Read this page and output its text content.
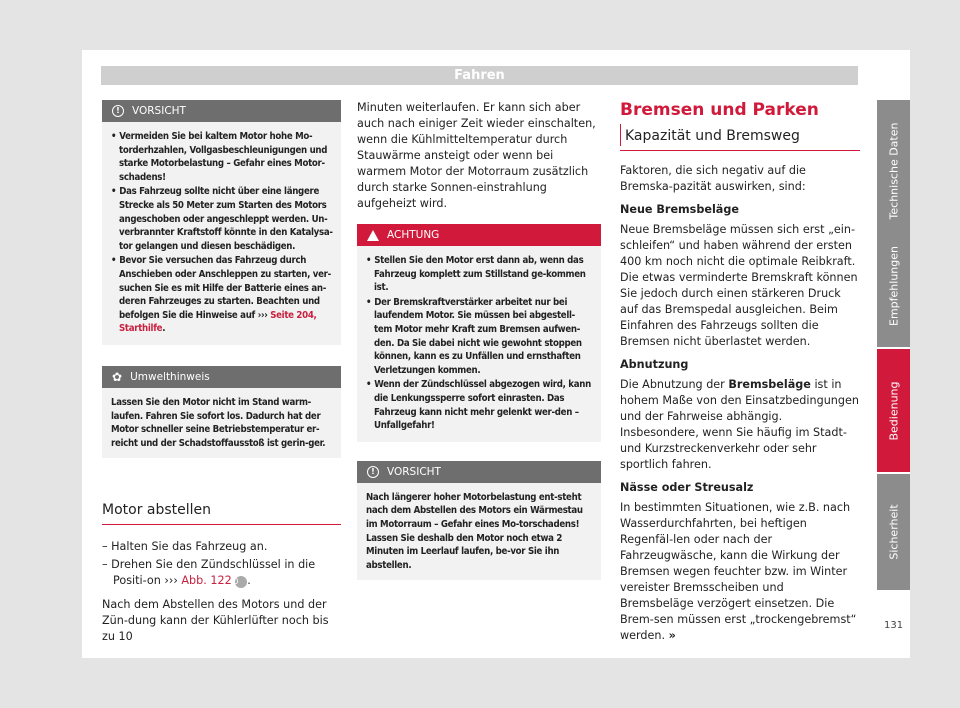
Fahren
!	VORSICHT
• Vermeiden Sie bei kaltem Motor hohe Mo-torderhzahlen, Vollgasbeschleunigungen und starke Motorbelastung – Gefahr eines Motor-schadens!
• Das Fahrzeug sollte nicht über eine längere Strecke als 50 Meter zum Starten des Motors angeschoben oder angeschleppt werden. Un-verbrannter Kraftstoff könnte in den Katalysa-tor gelangen und diesen beschädigen.
• Bevor Sie versuchen das Fahrzeug durch Anschieben oder Anschleppen zu starten, ver-suchen Sie es mit Hilfe der Batterie eines an-deren Fahrzeuges zu starten. Beachten und befolgen Sie die Hinweise auf ››› Seite 204, Starthilfe.
✿ Umwelthinweis
Lassen Sie den Motor nicht im Stand warm-laufen. Fahren Sie sofort los. Dadurch hat der Motor schneller seine Betriebstemperatur er-reicht und der Schadstoffausstoß ist gerin-ger.
Motor abstellen
– Halten Sie das Fahrzeug an.
– Drehen Sie den Zündschlüssel in die Positi-on ››› Abb. 122 0 .
Nach dem Abstellen des Motors und der Zün-dung kann der Kühlerlüfter noch bis zu 10
Minuten weiterlaufen. Er kann sich aber auch nach einiger Zeit wieder einschalten, wenn die Kühlmitteltemperatur durch Stauwärme ansteigt oder wenn bei warmem Motor der Motorraum zusätzlich durch starke Sonnen-einstrahlung aufgeheizt wird.
ACHTUNG
• Stellen Sie den Motor erst dann ab, wenn das Fahrzeug komplett zum Stillstand ge-kommen ist.
• Der Bremskraftverstärker arbeitet nur bei laufendem Motor. Sie müssen bei abgestell-tem Motor mehr Kraft zum Bremsen aufwen-den. Da Sie dabei nicht wie gewohnt stoppen können, kann es zu Unfällen und ernsthaften Verletzungen kommen.
• Wenn der Zündschlüssel abgezogen wird, kann die Lenkungssperre sofort einrasten. Das Fahrzeug kann nicht mehr gelenkt wer-den – Unfallgefahr!
!	VORSICHT
Nach längerer hoher Motorbelastung ent-steht nach dem Abstellen des Motors ein Wärmestau im Motorraum – Gefahr eines Mo-torschadens! Lassen Sie deshalb den Motor noch etwa 2 Minuten im Leerlauf laufen, be-vor Sie ihn abstellen.
Bremsen und Parken
Kapazität und Bremsweg
Faktoren, die sich negativ auf die Bremska-pazität auswirken, sind:
Neue Bremsbeläge
Neue Bremsbeläge müssen sich erst „ein-schleifen“ und haben während der ersten 400 km noch nicht die optimale Reibkraft. Die etwas verminderte Bremskraft können Sie jedoch durch einen stärkeren Druck auf das Bremspedal ausgleichen. Beim Einfahren des Fahrzeugs sollten die Bremsen nicht überlastet werden.
Abnutzung
Die Abnutzung der Bremsbeläge ist in hohem Maße von den Einsatzbedingungen und der Fahrweise abhängig. Insbesondere, wenn Sie häufig im Stadt- und Kurzstreckenverkehr oder sehr sportlich fahren.
Nässe oder Streusalz
In bestimmten Situationen, wie z.B. nach Wasserdurchfahrten, bei heftigen Regenfäl-len oder nach der Fahrzeugwäsche, kann die Wirkung der Bremsen wegen feuchter bzw. im Winter vereister Bremsscheiben und Bremsbeläge verzögert einsetzen. Die Brem-sen müssen erst „trockengebremst“ werden. »
Technische Daten
Empfehlungen
Bedienung
Sicherheit
131
